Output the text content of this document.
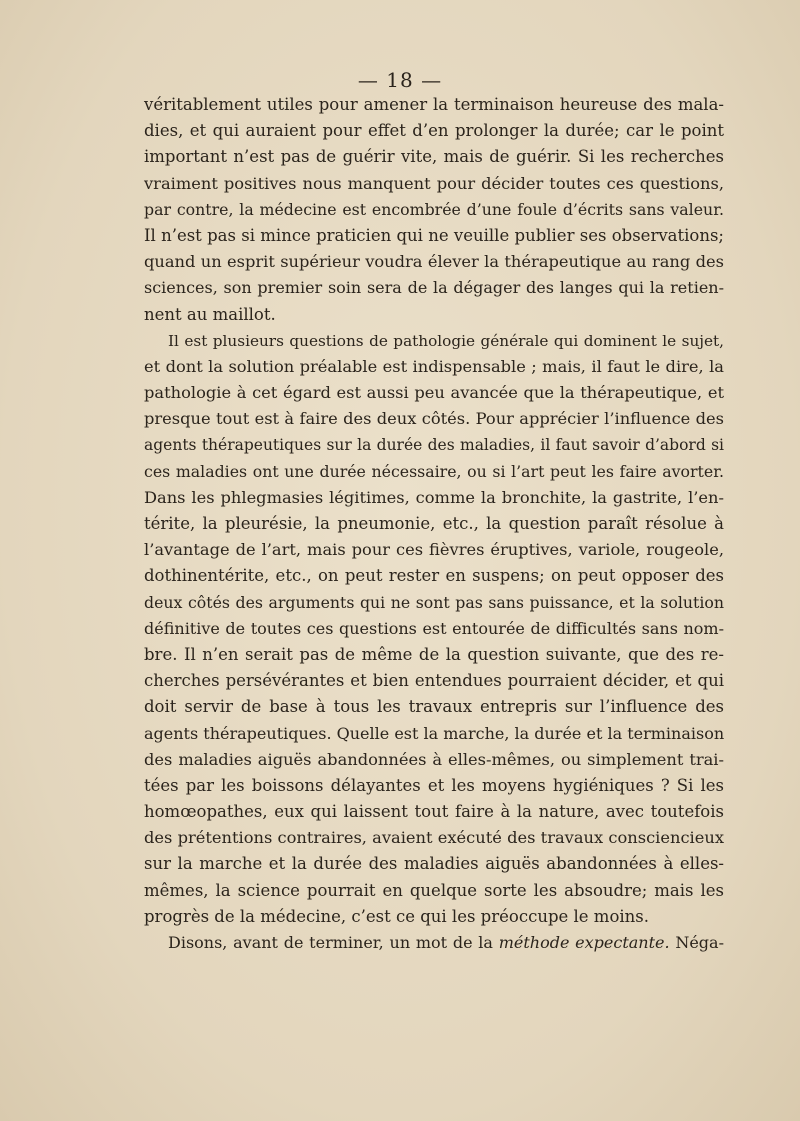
— 18 —
véritablement utiles pour amener la terminaison heureuse des mala-
dies, et qui auraient pour effet d’en prolonger la durée; car le point
important n’est pas de guérir vite, mais de guérir. Si les recherches
vraiment positives nous manquent pour décider toutes ces questions,
par contre, la médecine est encombrée d’une foule d’écrits sans valeur.
Il n’est pas si mince praticien qui ne veuille publier ses observations;
quand un esprit supérieur voudra élever la thérapeutique au rang des
sciences, son premier soin sera de la dégager des langes qui la retien-
nent au maillot.
Il est plusieurs questions de pathologie générale qui dominent le sujet,
et dont la solution préalable est indispensable ; mais, il faut le dire, la
pathologie à cet égard est aussi peu avancée que la thérapeutique, et
presque tout est à faire des deux côtés. Pour apprécier l’influence des
agents thérapeutiques sur la durée des maladies, il faut savoir d’abord si
ces maladies ont une durée nécessaire, ou si l’art peut les faire avorter.
Dans les phlegmasies légitimes, comme la bronchite, la gastrite, l’en-
térite, la pleurésie, la pneumonie, etc., la question paraît résolue à
l’avantage de l’art, mais pour ces fièvres éruptives, variole, rougeole,
dothinentérite, etc., on peut rester en suspens; on peut opposer des
deux côtés des arguments qui ne sont pas sans puissance, et la solution
définitive de toutes ces questions est entourée de difficultés sans nom-
bre. Il n’en serait pas de même de la question suivante, que des re-
cherches persévérantes et bien entendues pourraient décider, et qui
doit servir de base à tous les travaux entrepris sur l’influence des
agents thérapeutiques. Quelle est la marche, la durée et la terminaison
des maladies aiguës abandonnées à elles-mêmes, ou simplement trai-
tées par les boissons délayantes et les moyens hygiéniques ? Si les
homœopathes, eux qui laissent tout faire à la nature, avec toutefois
des prétentions contraires, avaient exécuté des travaux consciencieux
sur la marche et la durée des maladies aiguës abandonnées à elles-
mêmes, la science pourrait en quelque sorte les absoudre; mais les
progrès de la médecine, c’est ce qui les préoccupe le moins.
Disons, avant de terminer, un mot de la méthode expectante. Néga-
